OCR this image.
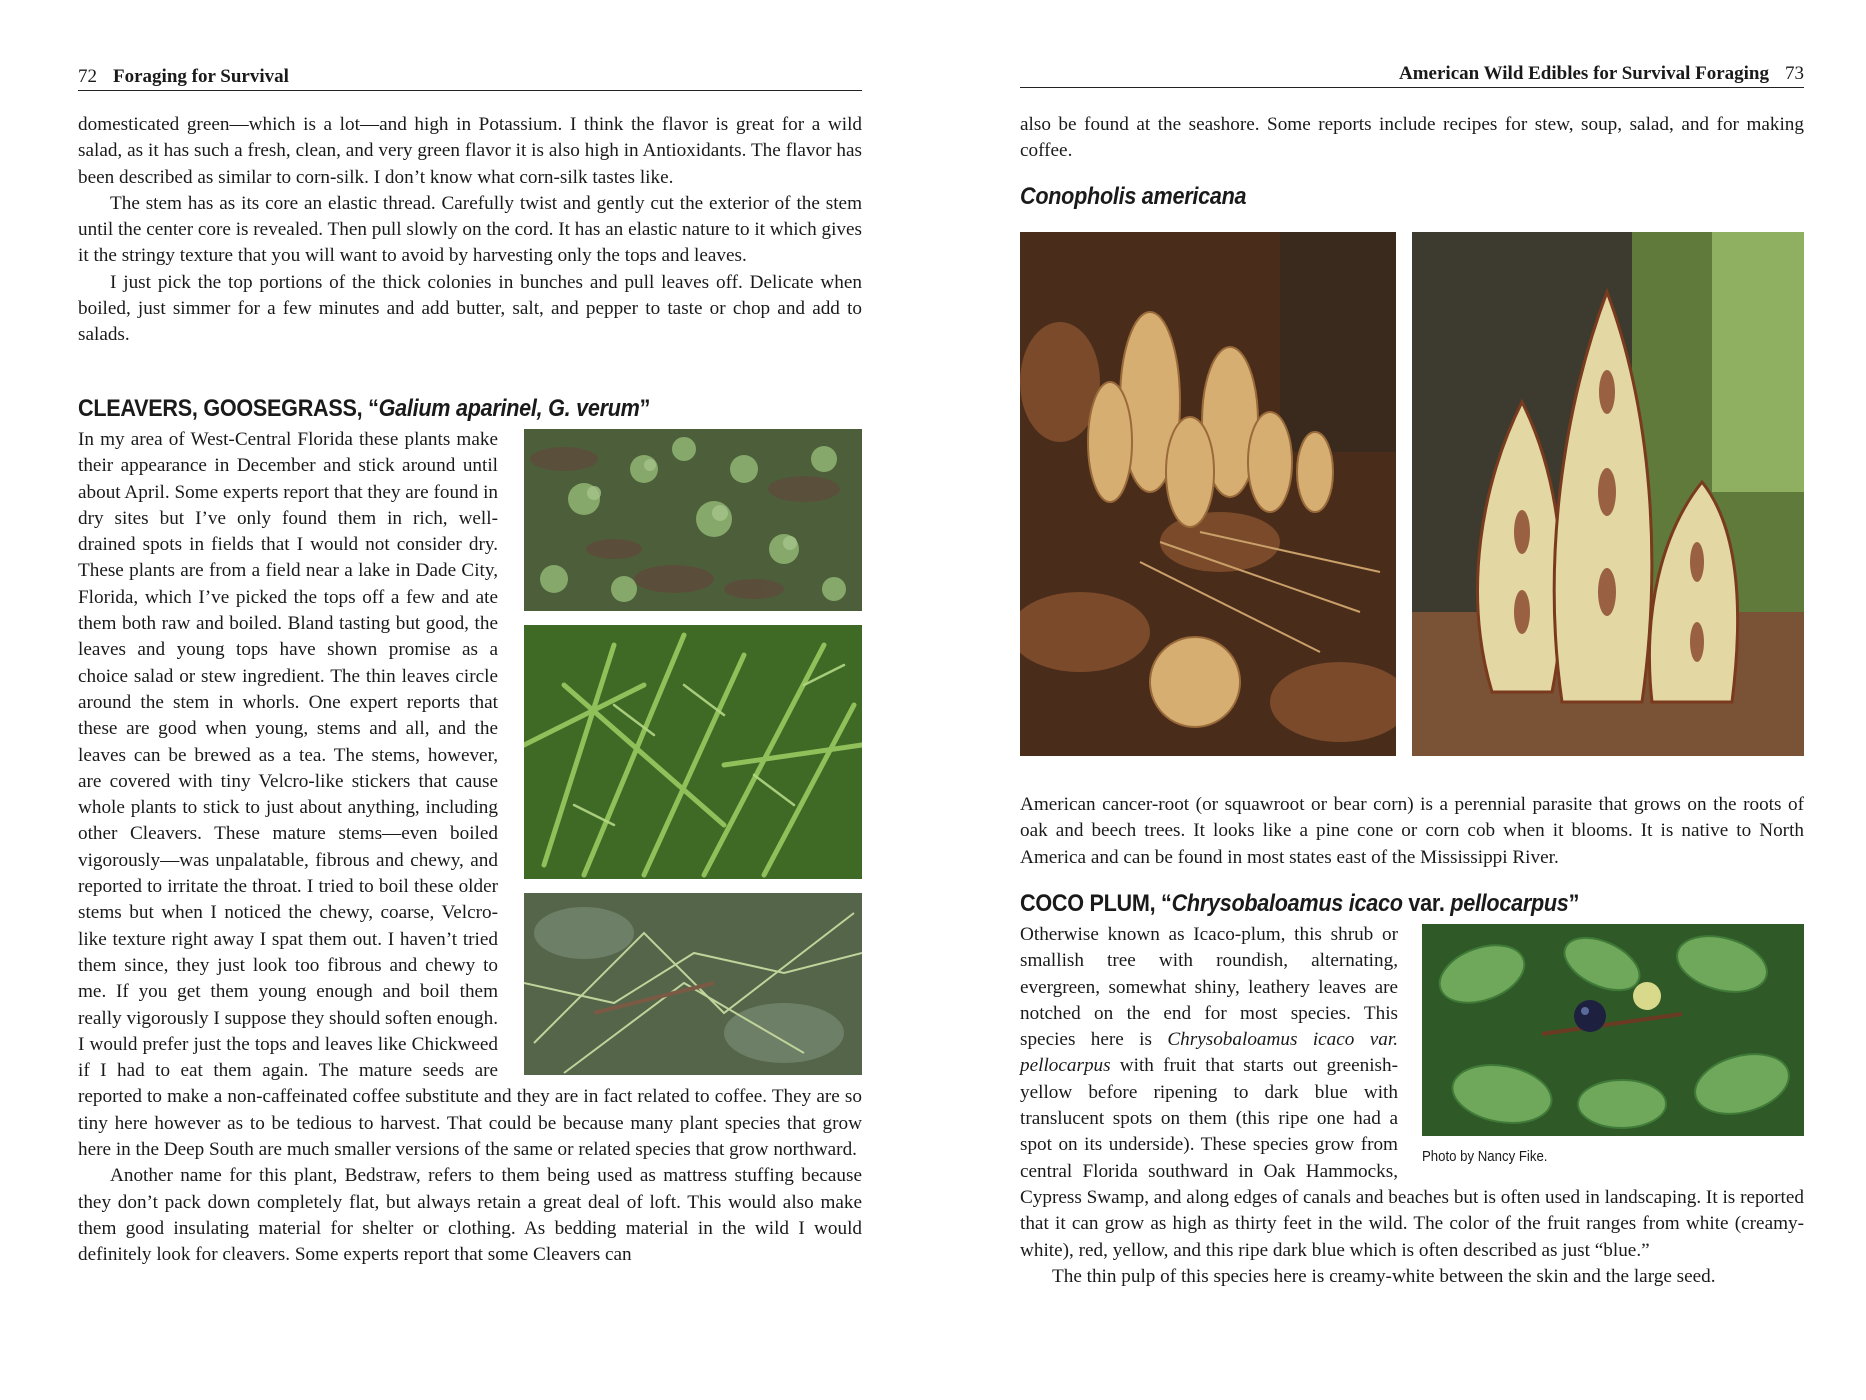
72 Foraging for Survival

domesticated green—which is a lot—and high in Potassium. I think the flavor is great for a wild salad, as it has such a fresh, clean, and very green flavor it is also high in Antioxidants. The flavor has been described as similar to corn-silk. I don’t know what corn-silk tastes like.

The stem has as its core an elastic thread. Carefully twist and gently cut the exterior of the stem until the center core is revealed. Then pull slowly on the cord. It has an elastic nature to it which gives it the stringy texture that you will want to avoid by harvesting only the tops and leaves.

I just pick the top portions of the thick colonies in bunches and pull leaves off. Delicate when boiled, just simmer for a few minutes and add butter, salt, and pepper to taste or chop and add to salads.

CLEAVERS, GOOSEGRASS, “Galium aparinel, G. verum”

In my area of West-Central Florida these plants make their appearance in December and stick around until about April. Some experts report that they are found in dry sites but I’ve only found them in rich, well-drained spots in fields that I would not consider dry. These plants are from a field near a lake in Dade City, Florida, which I’ve picked the tops off a few and ate them both raw and boiled. Bland tasting but good, the leaves and young tops have shown promise as a choice salad or stew ingredient. The thin leaves circle around the stem in whorls. One expert reports that these are good when young, stems and all, and the leaves can be brewed as a tea. The stems, however, are covered with tiny Velcro-like stickers that cause whole plants to stick to just about anything, including other Cleavers. These mature stems—even boiled vigorously—was unpalatable, fibrous and chewy, and reported to irritate the throat. I tried to boil these older stems but when I noticed the chewy, coarse, Velcro-like texture right away I spat them out. I haven’t tried them since, they just look too fibrous and chewy to me. If you get them young enough and boil them really vigorously I suppose they should soften enough. I would prefer just the tops and leaves like Chickweed if I had to eat them again. The mature seeds are reported to make a non-caffeinated coffee substitute and they are in fact related to coffee. They are so tiny here however as to be tedious to harvest. That could be because many plant species that grow here in the Deep South are much smaller versions of the same or related species that grow northward.

Another name for this plant, Bedstraw, refers to them being used as mattress stuffing because they don’t pack down completely flat, but always retain a great deal of loft. This would also make them good insulating material for shelter or clothing. As bedding material in the wild I would definitely look for cleavers. Some experts report that some Cleavers can

American Wild Edibles for Survival Foraging 73

also be found at the seashore. Some reports include recipes for stew, soup, salad, and for making coffee.

Conopholis americana

American cancer-root (or squawroot or bear corn) is a perennial parasite that grows on the roots of oak and beech trees. It looks like a pine cone or corn cob when it blooms. It is native to North America and can be found in most states east of the Mississippi River.

COCO PLUM, “Chrysobaloamus icaco var. pellocarpus”

Photo by Nancy Fike.

Otherwise known as Icaco-plum, this shrub or smallish tree with roundish, alternating, evergreen, somewhat shiny, leathery leaves are notched on the end for most species. This species here is Chrysobaloamus icaco var. pellocarpus with fruit that starts out greenish-yellow before ripening to dark blue with translucent spots on them (this ripe one had a spot on its underside). These species grow from central Florida southward in Oak Hammocks, Cypress Swamp, and along edges of canals and beaches but is often used in landscaping. It is reported that it can grow as high as thirty feet in the wild. The color of the fruit ranges from white (creamy-white), red, yellow, and this ripe dark blue which is often described as just “blue.”

The thin pulp of this species here is creamy-white between the skin and the large seed.
